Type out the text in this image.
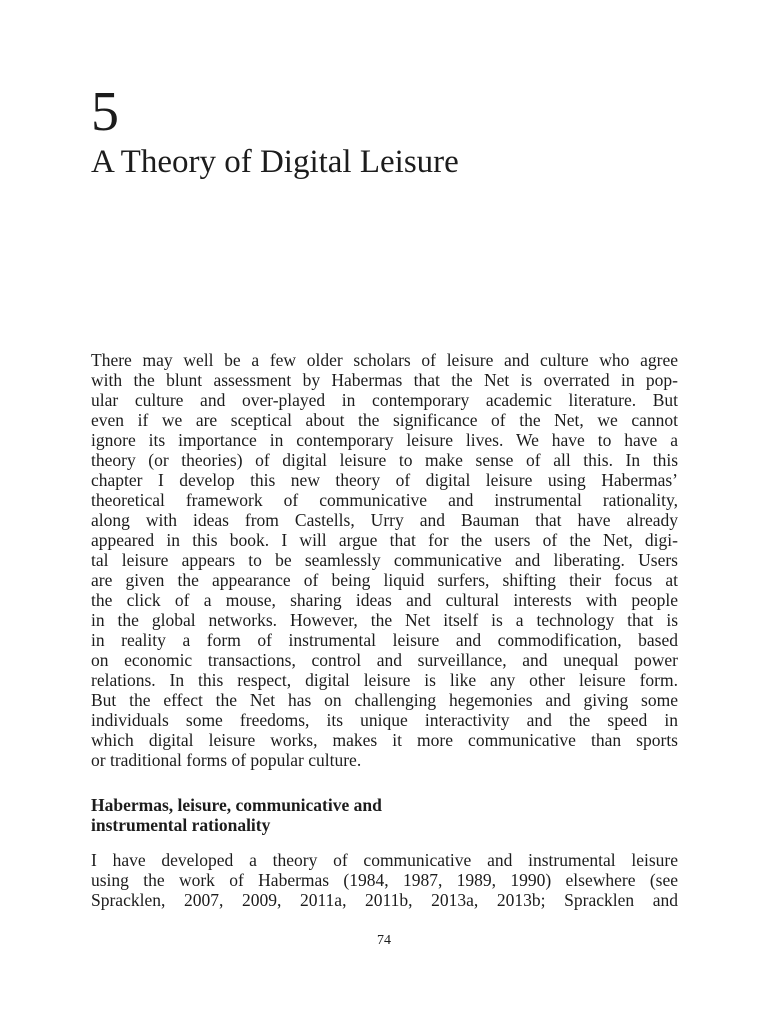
5
A Theory of Digital Leisure
There may well be a few older scholars of leisure and culture who agree
with the blunt assessment by Habermas that the Net is overrated in pop-
ular culture and over-played in contemporary academic literature. But
even if we are sceptical about the significance of the Net, we cannot
ignore its importance in contemporary leisure lives. We have to have a
theory (or theories) of digital leisure to make sense of all this. In this
chapter I develop this new theory of digital leisure using Habermas’
theoretical framework of communicative and instrumental rationality,
along with ideas from Castells, Urry and Bauman that have already
appeared in this book. I will argue that for the users of the Net, digi-
tal leisure appears to be seamlessly communicative and liberating. Users
are given the appearance of being liquid surfers, shifting their focus at
the click of a mouse, sharing ideas and cultural interests with people
in the global networks. However, the Net itself is a technology that is
in reality a form of instrumental leisure and commodification, based
on economic transactions, control and surveillance, and unequal power
relations. In this respect, digital leisure is like any other leisure form.
But the effect the Net has on challenging hegemonies and giving some
individuals some freedoms, its unique interactivity and the speed in
which digital leisure works, makes it more communicative than sports
or traditional forms of popular culture.
Habermas, leisure, communicative and
instrumental rationality
I have developed a theory of communicative and instrumental leisure
using the work of Habermas (1984, 1987, 1989, 1990) elsewhere (see
Spracklen, 2007, 2009, 2011a, 2011b, 2013a, 2013b; Spracklen and
74
